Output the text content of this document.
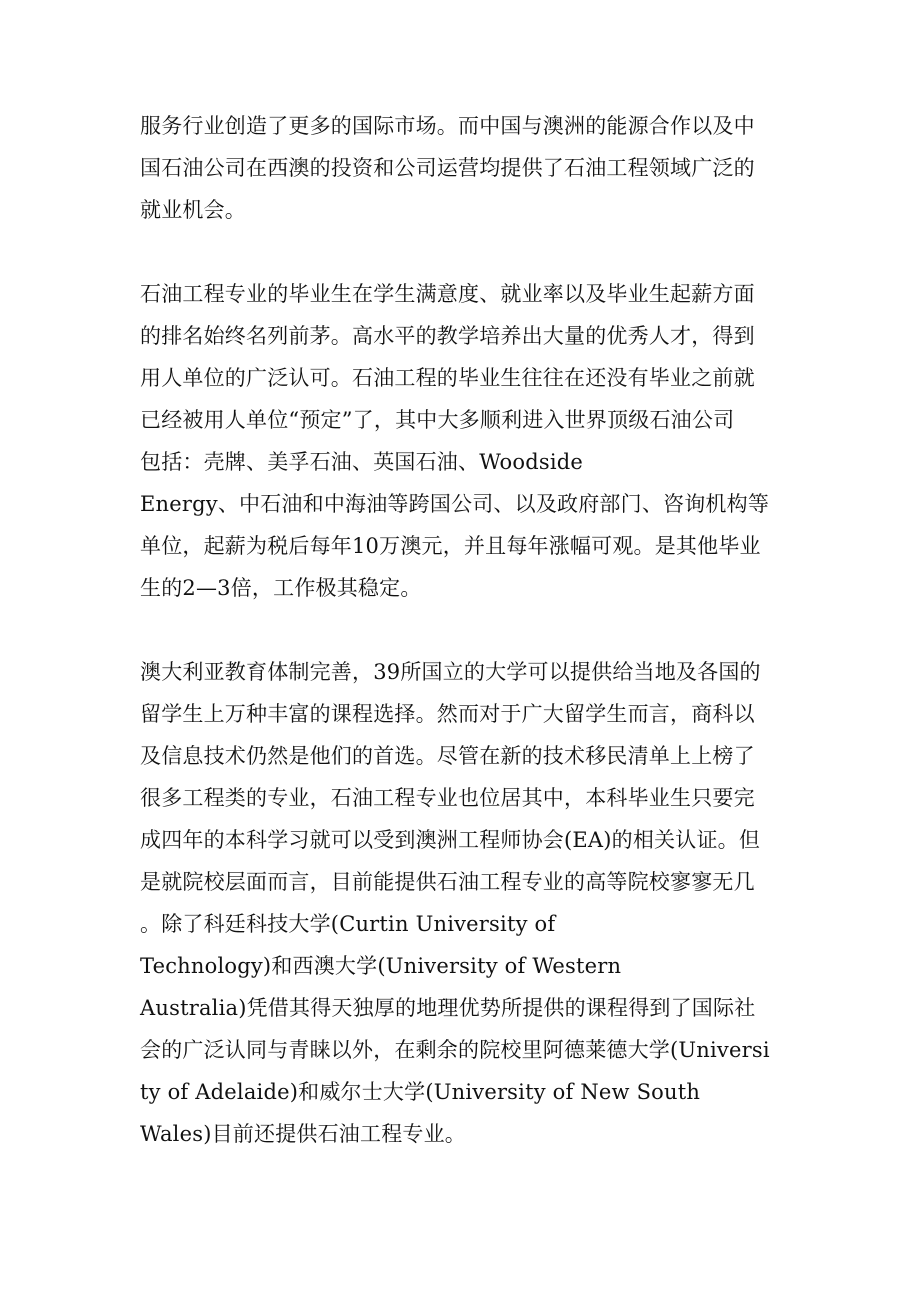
服务行业创造了更多的国际市场。而中国与澳洲的能源合作以及中
国石油公司在西澳的投资和公司运营均提供了石油工程领域广泛的
就业机会。
石油工程专业的毕业生在学生满意度、就业率以及毕业生起薪方面
的排名始终名列前茅。高水平的教学培养出大量的优秀人才，得到
用人单位的广泛认可。石油工程的毕业生往往在还没有毕业之前就
已经被用人单位“预定”了，其中大多顺利进入世界顶级石油公司
包括：壳牌、美孚石油、英国石油、Woodside
Energy、中石油和中海油等跨国公司、以及政府部门、咨询机构等
单位，起薪为税后每年10万澳元，并且每年涨幅可观。是其他毕业
生的2—3倍，工作极其稳定。
澳大利亚教育体制完善，39所国立的大学可以提供给当地及各国的
留学生上万种丰富的课程选择。然而对于广大留学生而言，商科以
及信息技术仍然是他们的首选。尽管在新的技术移民清单上上榜了
很多工程类的专业，石油工程专业也位居其中，本科毕业生只要完
成四年的本科学习就可以受到澳洲工程师协会(EA)的相关认证。但
是就院校层面而言，目前能提供石油工程专业的高等院校寥寥无几
。除了科廷科技大学(Curtin University of
Technology)和西澳大学(University of Western
Australia)凭借其得天独厚的地理优势所提供的课程得到了国际社
会的广泛认同与青睐以外，在剩余的院校里阿德莱德大学(Universi
ty of Adelaide)和威尔士大学(University of New South
Wales)目前还提供石油工程专业。
